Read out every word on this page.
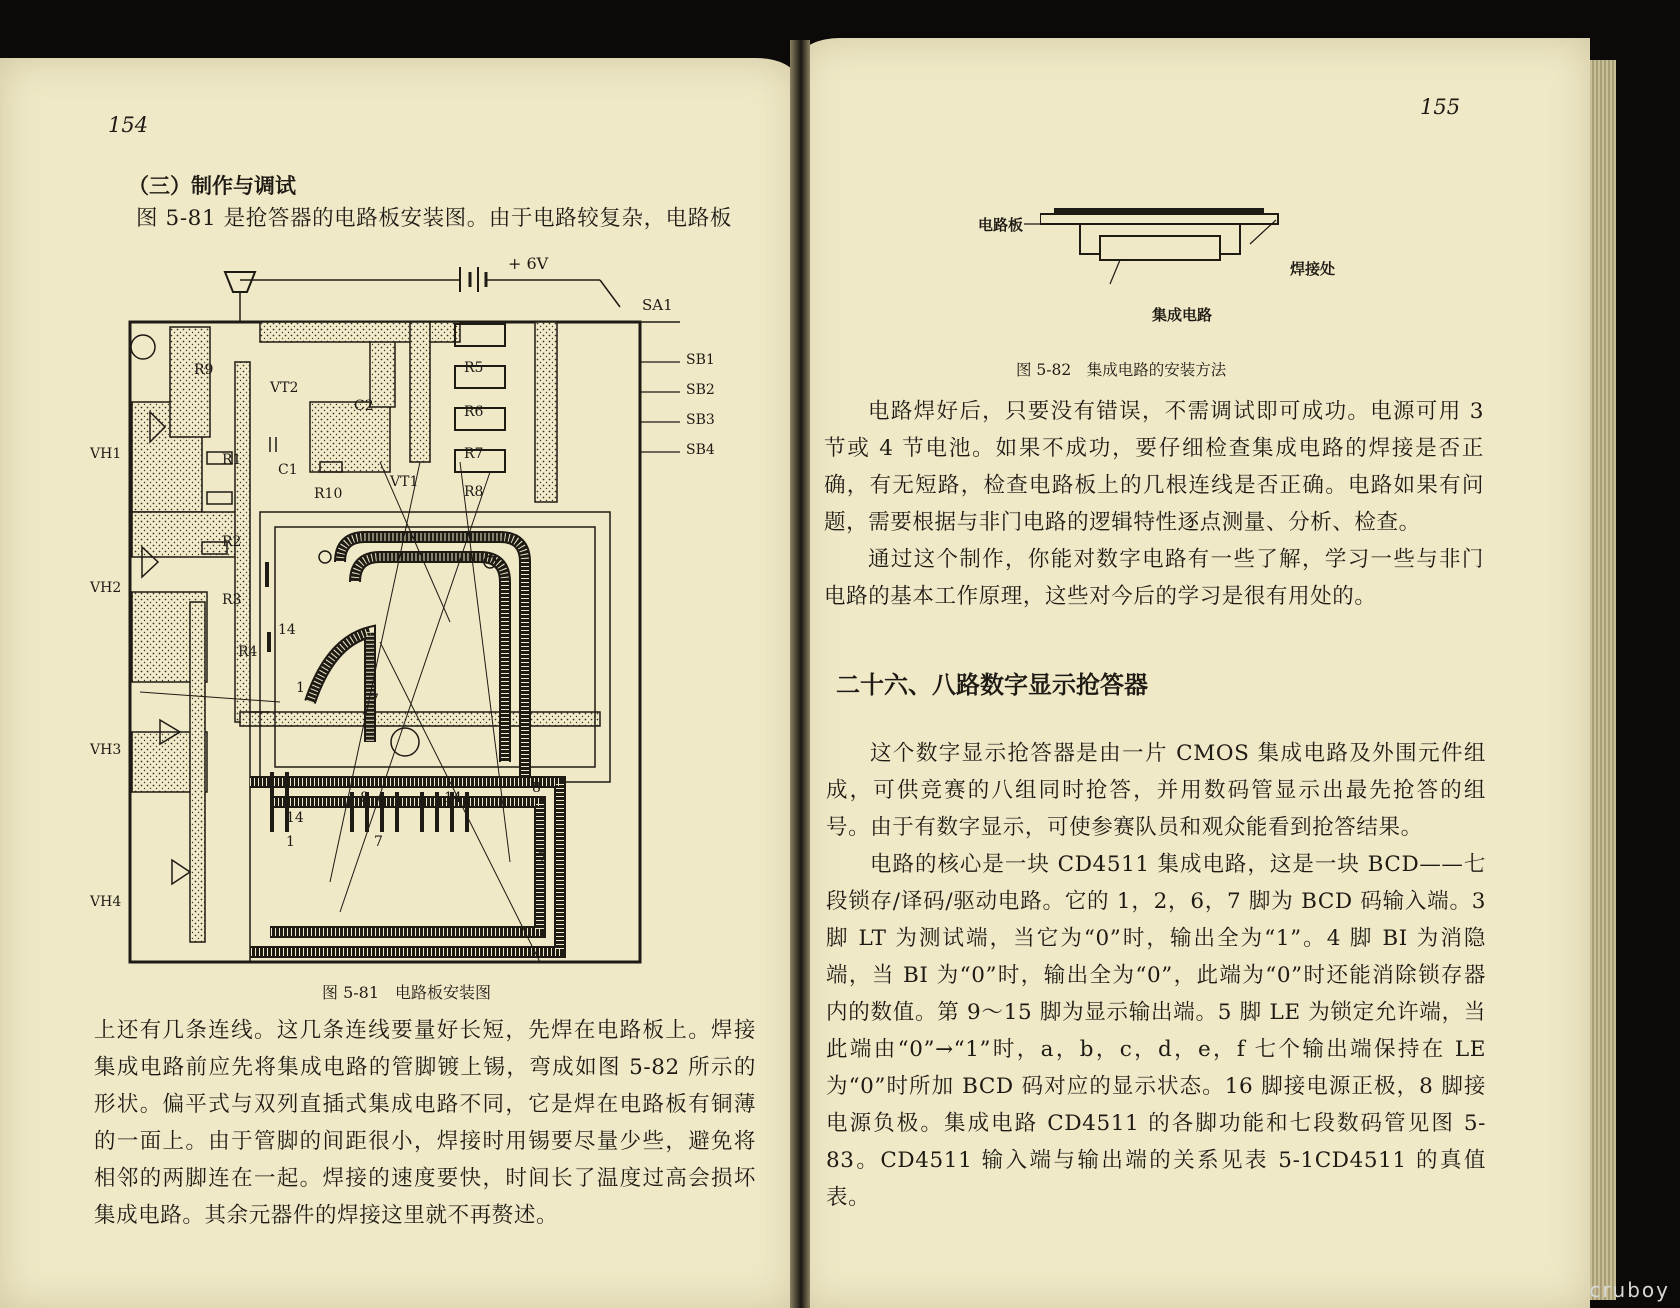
154
（三）制作与调试
图 5-81 是抢答器的电路板安装图。由于电路较复杂，电路板
+ 6V
SA1
SB1
SB2
SB3
SB4
VH1
VH2
VH3
VH4
R9
R1
R2
R3
R4
R5
R6
R7
R8
R10
C1
C2
VT2
VT1
14
1
7
8	14
8
14
1	7
7
图 5-81　电路板安装图
上还有几条连线。这几条连线要量好长短，先焊在电路板上。焊接集成电路前应先将集成电路的管脚镀上锡，弯成如图 5-82 所示的形状。偏平式与双列直插式集成电路不同，它是焊在电路板有铜薄的一面上。由于管脚的间距很小，焊接时用锡要尽量少些，避免将相邻的两脚连在一起。焊接的速度要快，时间长了温度过高会损坏集成电路。其余元器件的焊接这里就不再赘述。
155
电路板
焊接处
集成电路
图 5-82　集成电路的安装方法
电路焊好后，只要没有错误，不需调试即可成功。电源可用 3 节或 4 节电池。如果不成功，要仔细检查集成电路的焊接是否正确，有无短路，检查电路板上的几根连线是否正确。电路如果有问题，需要根据与非门电路的逻辑特性逐点测量、分析、检查。
通过这个制作，你能对数字电路有一些了解，学习一些与非门电路的基本工作原理，这些对今后的学习是很有用处的。
二十六、八路数字显示抢答器
这个数字显示抢答器是由一片 CMOS 集成电路及外围元件组成，可供竞赛的八组同时抢答，并用数码管显示出最先抢答的组号。由于有数字显示，可使参赛队员和观众能看到抢答结果。
电路的核心是一块 CD4511 集成电路，这是一块 BCD——七段锁存/译码/驱动电路。它的 1，2，6，7 脚为 BCD 码输入端。3 脚 LT 为测试端，当它为“0”时，输出全为“1”。4 脚 BI 为消隐端，当 BI 为“0”时，输出全为“0”，此端为“0”时还能消除锁存器内的数值。第 9～15 脚为显示输出端。5 脚 LE 为锁定允许端，当此端由“0”→“1”时，a，b，c，d，e，f 七个输出端保持在 LE 为“0”时所加 BCD 码对应的显示状态。16 脚接电源正极，8 脚接电源负极。集成电路 CD4511 的各脚功能和七段数码管见图 5-83。CD4511 输入端与输出端的关系见表 5-1CD4511 的真值表。
cruboy
